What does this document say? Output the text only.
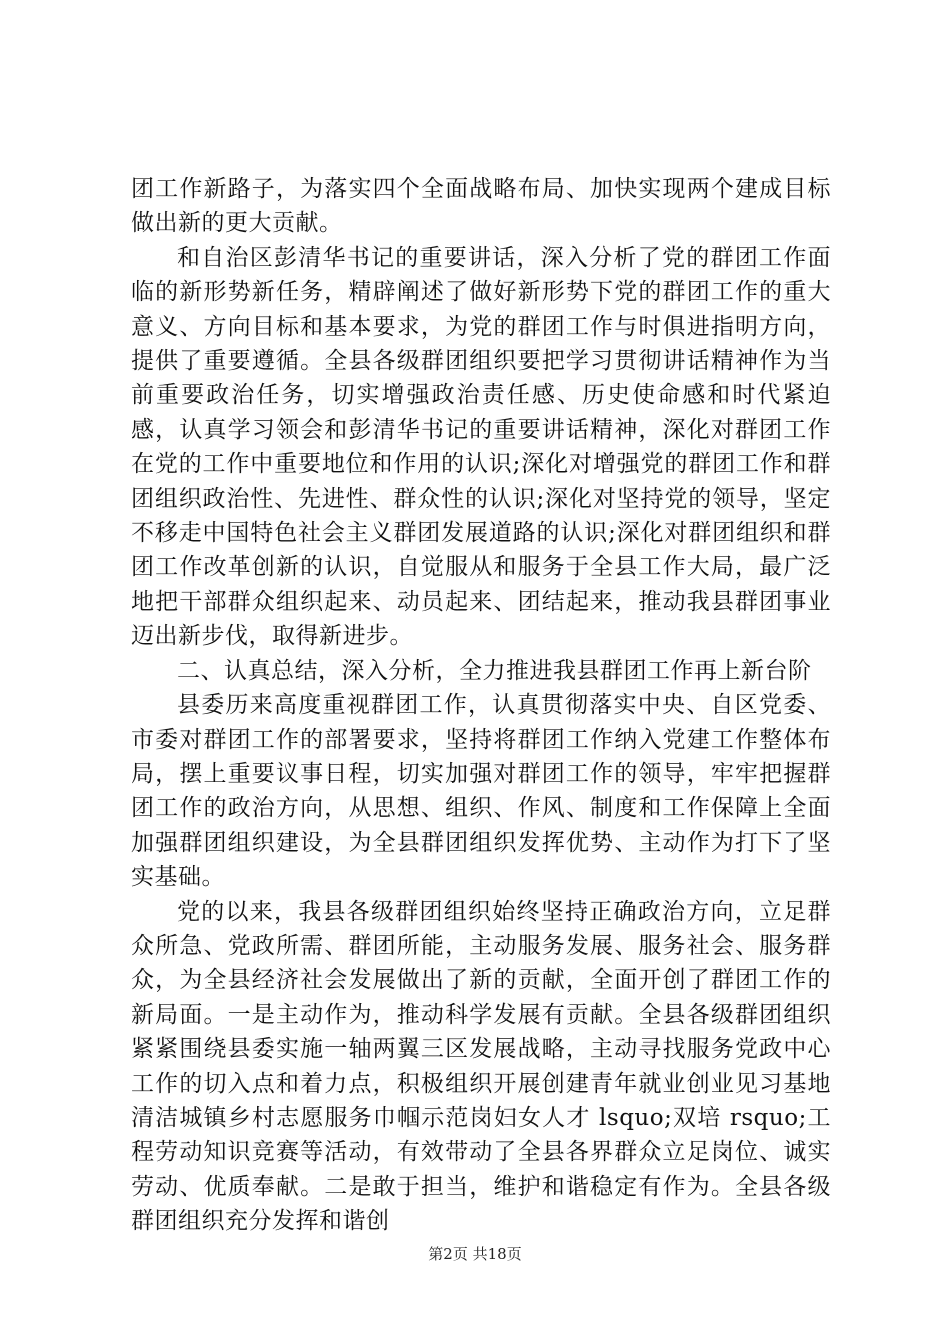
团工作新路子，为落实四个全面战略布局、加快实现两个建成目标做出新的更大贡献。

和自治区彭清华书记的重要讲话，深入分析了党的群团工作面临的新形势新任务，精辟阐述了做好新形势下党的群团工作的重大意义、方向目标和基本要求，为党的群团工作与时俱进指明方向，提供了重要遵循。全县各级群团组织要把学习贯彻讲话精神作为当前重要政治任务，切实增强政治责任感、历史使命感和时代紧迫感，认真学习领会和彭清华书记的重要讲话精神，深化对群团工作在党的工作中重要地位和作用的认识;深化对增强党的群团工作和群团组织政治性、先进性、群众性的认识;深化对坚持党的领导，坚定不移走中国特色社会主义群团发展道路的认识;深化对群团组织和群团工作改革创新的认识，自觉服从和服务于全县工作大局，最广泛地把干部群众组织起来、动员起来、团结起来，推动我县群团事业迈出新步伐，取得新进步。

二、认真总结，深入分析，全力推进我县群团工作再上新台阶

县委历来高度重视群团工作，认真贯彻落实中央、自区党委、市委对群团工作的部署要求，坚持将群团工作纳入党建工作整体布局，摆上重要议事日程，切实加强对群团工作的领导，牢牢把握群团工作的政治方向，从思想、组织、作风、制度和工作保障上全面加强群团组织建设，为全县群团组织发挥优势、主动作为打下了坚实基础。

党的以来，我县各级群团组织始终坚持正确政治方向，立足群众所急、党政所需、群团所能，主动服务发展、服务社会、服务群众，为全县经济社会发展做出了新的贡献，全面开创了群团工作的新局面。一是主动作为，推动科学发展有贡献。全县各级群团组织紧紧围绕县委实施一轴两翼三区发展战略，主动寻找服务党政中心工作的切入点和着力点，积极组织开展创建青年就业创业见习基地清洁城镇乡村志愿服务巾帼示范岗妇女人才 lsquo;双培 rsquo;工程劳动知识竞赛等活动，有效带动了全县各界群众立足岗位、诚实劳动、优质奉献。二是敢于担当，维护和谐稳定有作为。全县各级群团组织充分发挥和谐创

第2页 共18页
